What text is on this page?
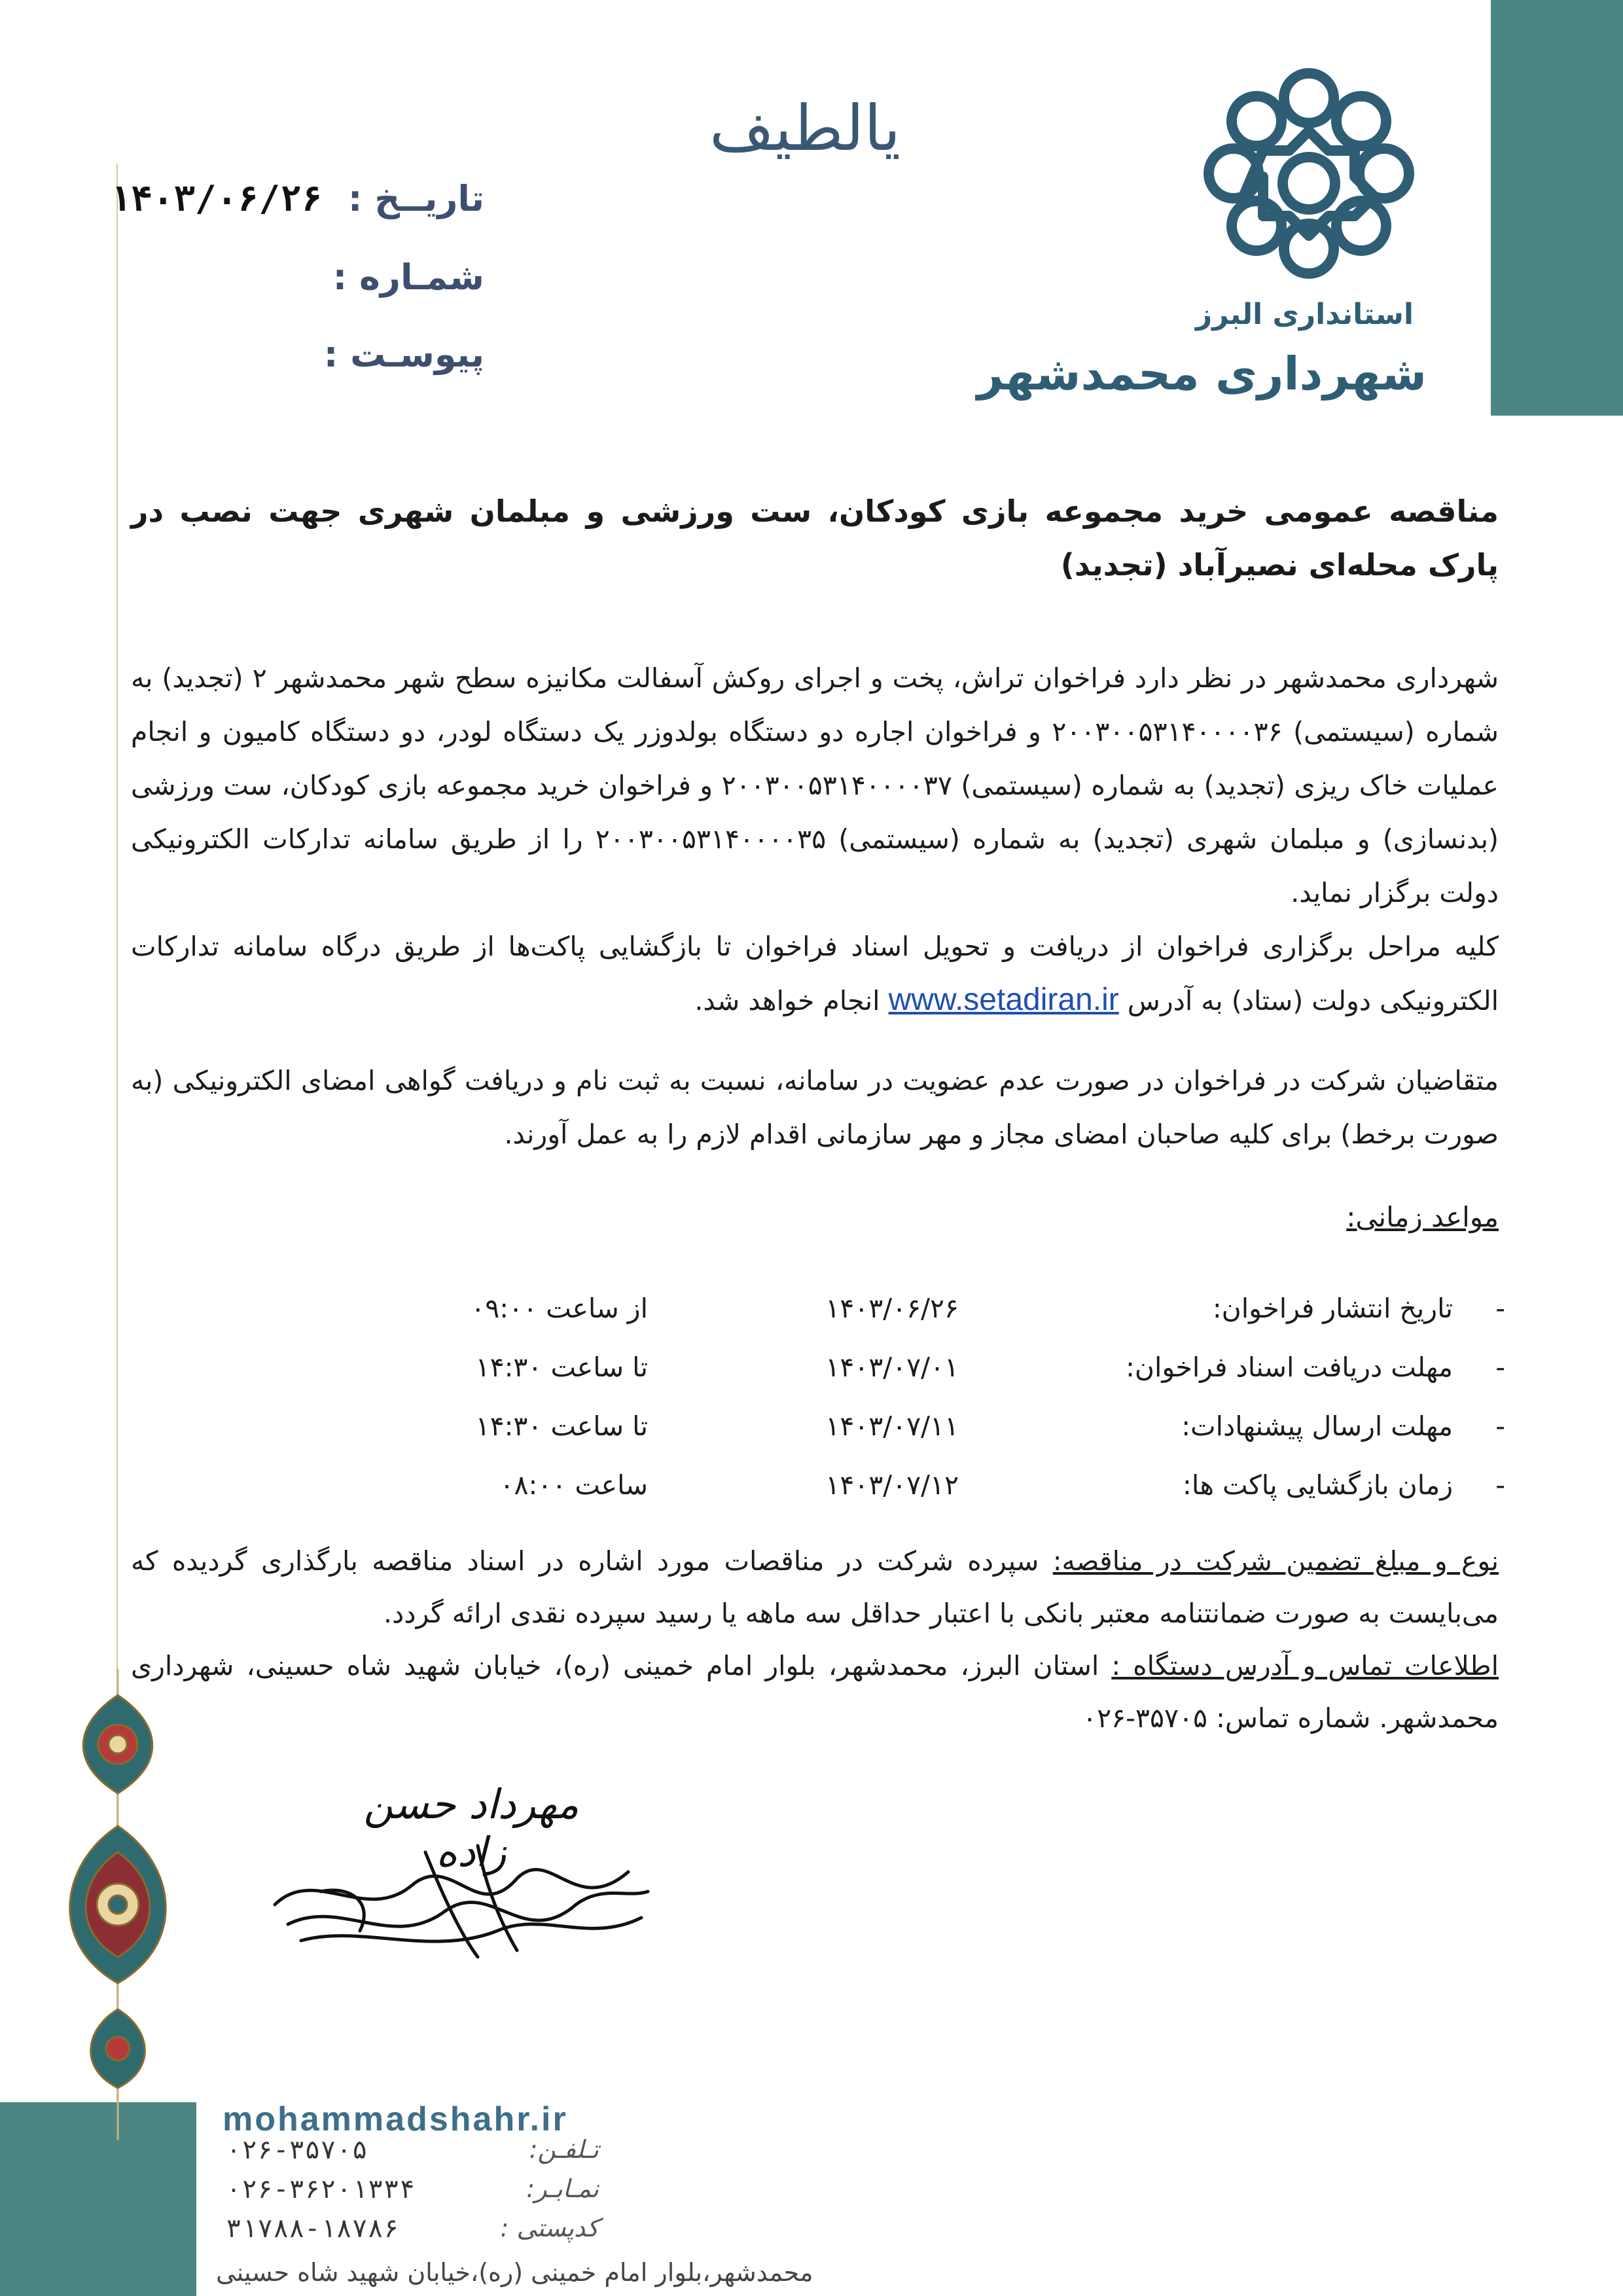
استانداری البرز
شهرداری محمدشهر
یالطیف
تاریــخ : ۱۴۰۳/۰۶/۲۶
شمـاره :
پیوسـت :
مناقصه عمومی خرید مجموعه بازی کودکان، ست ورزشی و مبلمان شهری جهت نصب در پارک محله‌ای نصیرآباد (تجدید)
شهرداری محمدشهر در نظر دارد فراخوان تراش، پخت و اجرای روکش آسفالت مکانیزه سطح شهر محمدشهر ۲ (تجدید) به شماره (سیستمی) ۲۰۰۳۰۰۵۳۱۴۰۰۰۰۳۶ و فراخوان اجاره دو دستگاه بولدوزر یک دستگاه لودر، دو دستگاه کامیون و انجام عملیات خاک ریزی (تجدید) به شماره (سیستمی) ۲۰۰۳۰۰۵۳۱۴۰۰۰۰۳۷ و فراخوان خرید مجموعه بازی کودکان، ست ورزشی (بدنسازی) و مبلمان شهری (تجدید) به شماره (سیستمی) ۲۰۰۳۰۰۵۳۱۴۰۰۰۰۳۵ را از طریق سامانه تدارکات الکترونیکی دولت برگزار نماید.
کلیه مراحل برگزاری فراخوان از دریافت و تحویل اسناد فراخوان تا بازگشایی پاکت‌ها از طریق درگاه سامانه تدارکات الکترونیکی دولت (ستاد) به آدرس www.setadiran.ir انجام خواهد شد.
متقاضیان شرکت در فراخوان در صورت عدم عضویت در سامانه، نسبت به ثبت نام و دریافت گواهی امضای الکترونیکی (به صورت برخط) برای کلیه صاحبان امضای مجاز و مهر سازمانی اقدام لازم را به عمل آورند.
مواعد زمانی:
-
تاریخ انتشار فراخوان:
۱۴۰۳/۰۶/۲۶
از ساعت ۰۹:۰۰
-
مهلت دریافت اسناد فراخوان:
۱۴۰۳/۰۷/۰۱
تا ساعت ۱۴:۳۰
-
مهلت ارسال پیشنهادات:
۱۴۰۳/۰۷/۱۱
تا ساعت ۱۴:۳۰
-
زمان بازگشایی پاکت ها:
۱۴۰۳/۰۷/۱۲
ساعت ۰۸:۰۰
نوع و مبلغ تضمین شرکت در مناقصه: سپرده شرکت در مناقصات مورد اشاره در اسناد مناقصه بارگذاری گردیده که می‌بایست به صورت ضمانتنامه معتبر بانکی با اعتبار حداقل سه ماهه یا رسید سپرده نقدی ارائه گردد.
اطلاعات تماس و آدرس دستگاه : استان البرز، محمدشهر، بلوار امام خمینی (ره)، خیابان شهید شاه حسینی، شهرداری محمدشهر. شماره تماس: ۳۵۷۰۵-۰۲۶
مهرداد حسن زاده
mohammadshahr.ir
تـلفـن:
۰۲۶-۳۵۷۰۵
نمـابـر:
۰۲۶-۳۶۲۰۱۳۳۴
کدپستی :
۳۱۷۸۸-۱۸۷۸۶
محمدشهر،بلوار امام خمینی (ره)،خیابان شهید شاه حسینی
